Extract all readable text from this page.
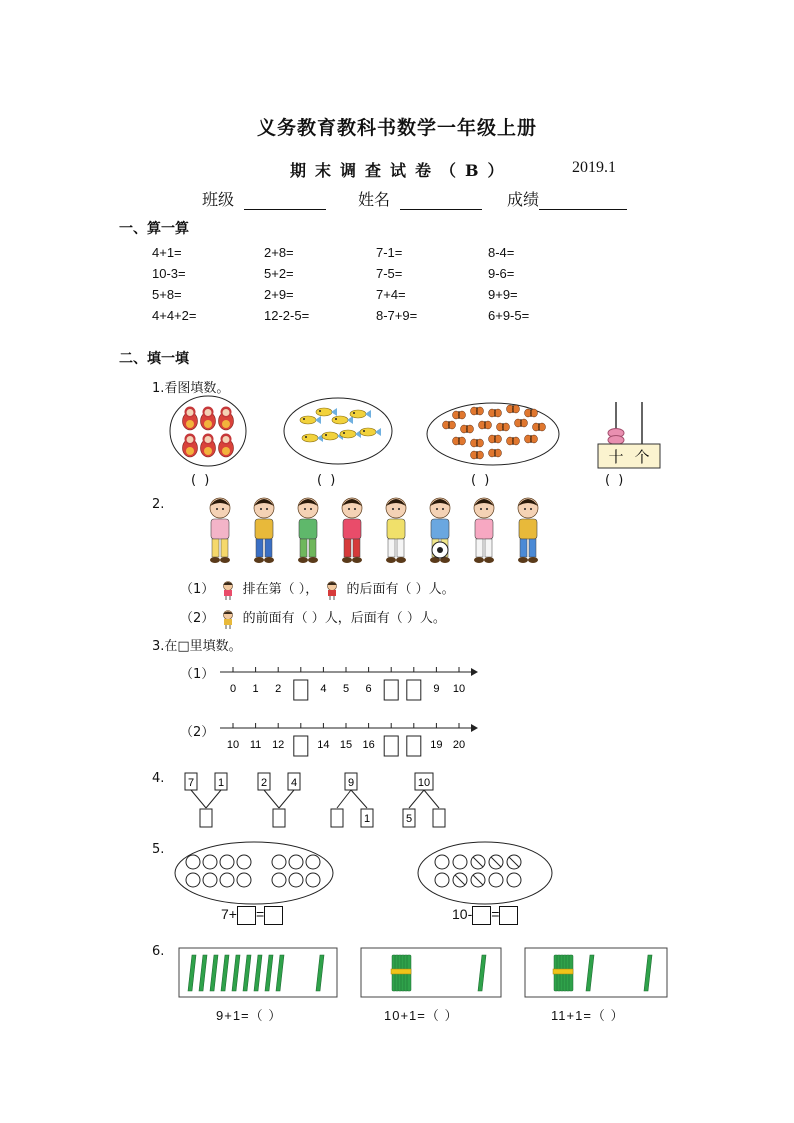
义务教育教科书数学一年级上册
期末调查试卷（B）	2019.1
班级	姓名	成绩
一、算一算
4+1=	2+8=	7-1=	8-4=
10-3=	5+2=	7-5=	9-6=
5+8=	2+9=	7+4=	9+9=
4+4+2=	12-2-5=	8-7+9=	6+9-5=
二、填一填
1.看图填数。
十 个
( )	( )	( )	( )
2.
（1） 排在第（ ）， 的后面有（ ）人。
（2） 的前面有（ ）人，后面有（ ）人。
3.在□里填数。
（1）
（2）
0 1 2	4 5 6	9 10
10 11 12	14 15 16	19 20
4. 7 1	2 4	9
1
10
5
5.
7+ =	10- =
6.
9+1=（ ）	10+1=（ ）	11+1=（ ）
